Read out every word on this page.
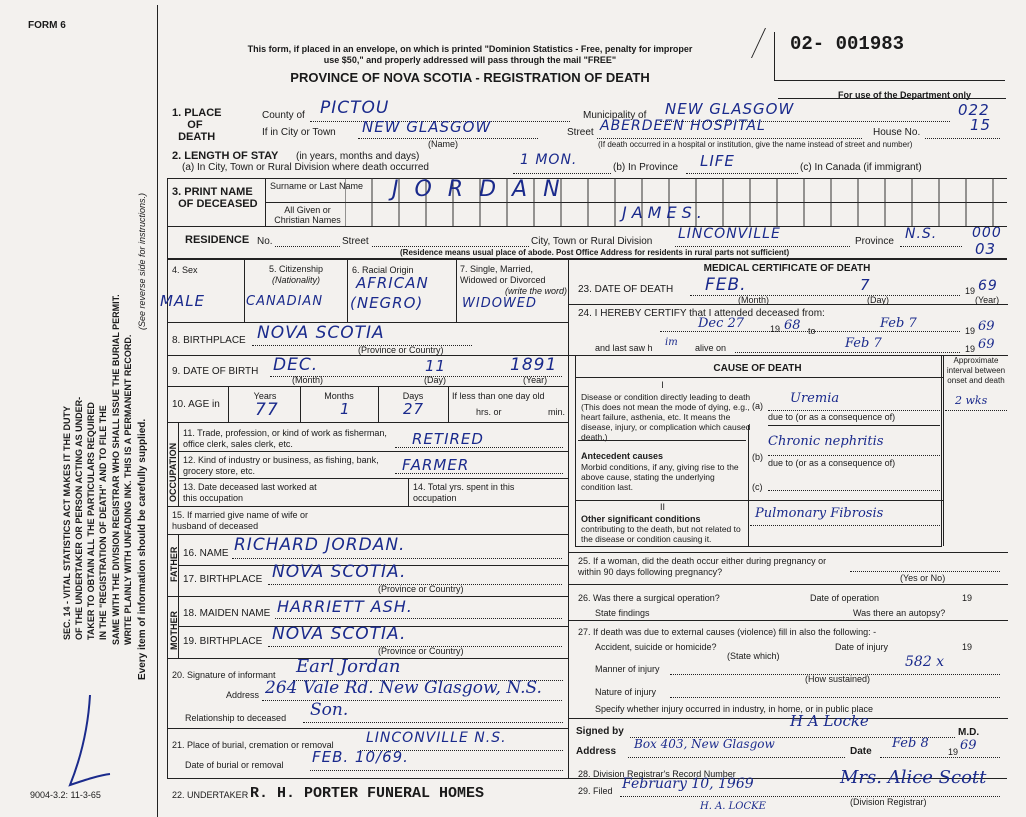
FORM 6
02- 001983
This form, if placed in an envelope, on which is printed "Dominion Statistics - Free, penalty for improper
use $50," and properly addressed will pass through the mail "FREE"
PROVINCE OF NOVA SCOTIA - REGISTRATION OF DEATH
For use of the Department only
022
15
000
03
SEC. 14 - VITAL STATISTICS ACT MAKES IT THE DUTY OF THE UNDERTAKER OR PERSON ACTING AS UNDER- TAKER TO OBTAIN ALL THE PARTICULARS REQUIRED IN THE "REGISTRATION OF DEATH" AND TO FILE THE SAME WITH THE DIVISION REGISTRAR WHO SHALL ISSUE THE BURIAL PERMIT. WRITE PLAINLY WITH UNFADING INK. THIS IS A PERMANENT RECORD. Every item of information should be carefully supplied.
(See reverse side for instructions.)
9004-3.2: 11-3-65
1. PLACE
OF
DEATH
County of PICTOU	Municipality of NEW GLASGOW
If in City or Town NEW GLASGOW
(Name)
Street ABERDEEN HOSPITAL	House No.
(If death occurred in a hospital or institution, give the name instead of street and number)
2. LENGTH OF STAY (in years, months and days)
(a) In City, Town or Rural Division where death occurred	1 MON.	(b) In Province LIFE	(c) In Canada (if immigrant)
3. PRINT NAME
OF DECEASED
Surname or Last Name
All Given or Christian Names
JORDAN
JAMES.
RESIDENCE No.	Street	City, Town or Rural Division LINCONVILLE	Province N.S.
(Residence means usual place of abode. Post Office Address for residents in rural parts not sufficient)
4. Sex	5. Citizenship
(Nationality)
6. Racial Origin	7. Single, Married, Widowed or Divorced
(write the word)
MALE	CANADIAN
AFRICAN
(NEGRO)	WIDOWED
8. BIRTHPLACE NOVA SCOTIA
(Province or Country)
9. DATE OF BIRTH DEC.	11	1891
(Month)	(Day)	(Year)
10. AGE in
Years	Months	Days
77	1	27
If less than one day old
hrs. or	min.
OCCUPATION
11. Trade, profession, or kind of work as fisherman, office clerk, sales clerk, etc.	RETIRED
12. Kind of industry or business, as fishing, bank, grocery store, etc.	FARMER
13. Date deceased last worked at this occupation
14. Total yrs. spent in this occupation
15. If married give name of wife or husband of deceased
FATHER 16. NAME RICHARD JORDAN.
17. BIRTHPLACE NOVA SCOTIA.
(Province or Country)
MOTHER 18. MAIDEN NAME HARRIETT ASH.
19. BIRTHPLACE NOVA SCOTIA.
(Province or Country)
20. Signature of informant Earl Jordan
Address 264 Vale Rd. New Glasgow, N.S.
Relationship to deceased Son.
21. Place of burial, cremation or removal LINCONVILLE N.S.
Date of burial or removal FEB. 10/69.
22. UNDERTAKER R. H. PORTER FUNERAL HOMES
MEDICAL CERTIFICATE OF DEATH
23. DATE OF DEATH FEB.	7	19 69
(Month)	(Day)	(Year)
24. I HEREBY CERTIFY that I attended deceased from:
Dec 27	19 68 to	Feb 7	19 69
and last saw h im alive on	Feb 7	19 69
CAUSE OF DEATH
Approximate interval between onset and death
I
Disease or condition directly leading to death (This does not mean the mode of dying, e.g., heart failure, asthenia, etc. It means the disease, injury, or complication which caused death.)
(a) Uremia	2 wks
due to (or as a consequence of)
Antecedent causes
Morbid conditions, if any, giving rise to the above cause, stating the underlying condition last.
(b)
Chronic nephritis
due to (or as a consequence of)
(c)
II
Other significant conditions
contributing to the death, but not related to the disease or condition causing it.
Pulmonary Fibrosis
25. If a woman, did the death occur either during pregnancy or within 90 days following pregnancy?
(Yes or No)
26. Was there a surgical operation?	Date of operation	19
State findings	Was there an autopsy?
27. If death was due to external causes (violence) fill in also the following: -
Accident, suicide or homicide?
(State which)
Date of injury	19
Manner of injury	582 x
(How sustained)
Nature of injury
Specify whether injury occurred in industry, in home, or in public place
Signed by
H A Locke
M.D.
Address
Box 403, New Glasgow
Date
Feb 8
19 69
28. Division Registrar's Record Number
29. Filed February 10, 1969	Mrs. Alice Scott
(Division Registrar)
H. A. LOCKE
